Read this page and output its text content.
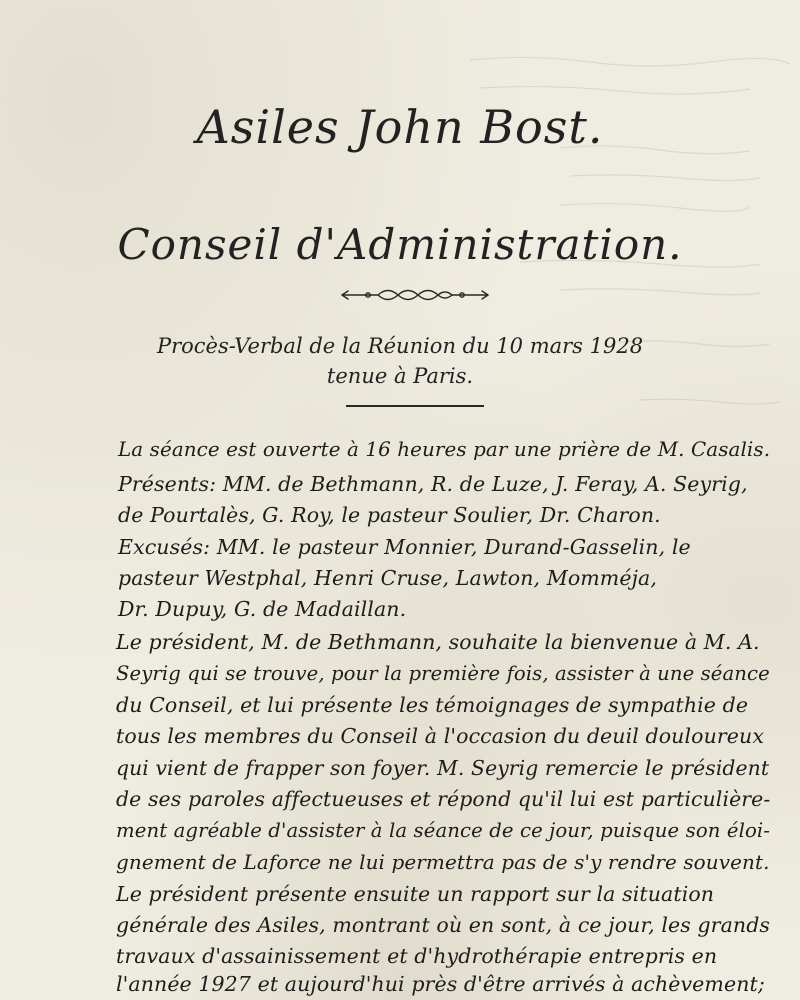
Asiles John Bost.
Conseil d'Administration.
Procès-Verbal de la Réunion du 10 mars 1928
tenue à Paris.
La séance est ouverte à 16 heures par une prière de M. Casalis.
Présents: MM. de Bethmann, R. de Luze, J. Feray, A. Seyrig,
de Pourtalès, G. Roy, le pasteur Soulier, Dr. Charon.
Excusés: MM. le pasteur Monnier, Durand-Gasselin, le
pasteur Westphal, Henri Cruse, Lawton, Momméja,
Dr. Dupuy, G. de Madaillan.
Le président, M. de Bethmann, souhaite la bienvenue à M. A.
Seyrig qui se trouve, pour la première fois, assister à une séance
du Conseil, et lui présente les témoignages de sympathie de
tous les membres du Conseil à l'occasion du deuil douloureux
qui vient de frapper son foyer. M. Seyrig remercie le président
de ses paroles affectueuses et répond qu'il lui est particulière-
ment agréable d'assister à la séance de ce jour, puisque son éloi-
gnement de Laforce ne lui permettra pas de s'y rendre souvent.
Le président présente ensuite un rapport sur la situation
générale des Asiles, montrant où en sont, à ce jour, les grands
travaux d'assainissement et d'hydrothérapie entrepris en
l'année 1927 et aujourd'hui près d'être arrivés à achèvement;
